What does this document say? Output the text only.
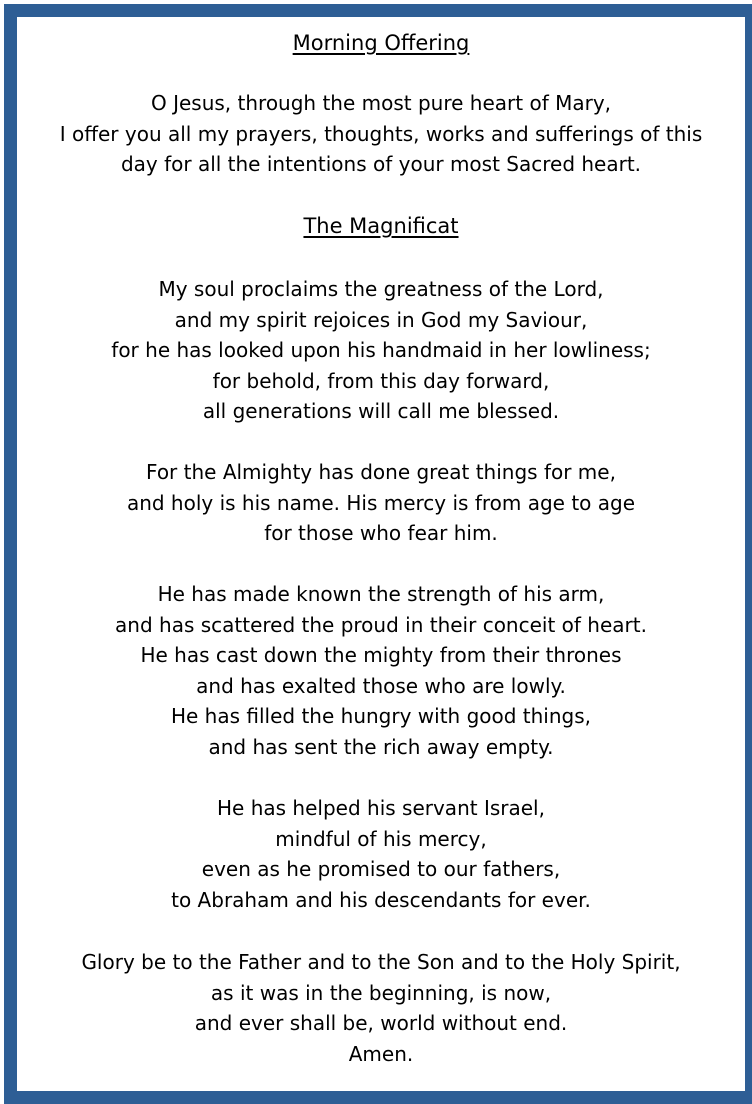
Morning Offering
O Jesus, through the most pure heart of Mary,
I offer you all my prayers, thoughts, works and sufferings of this
day for all the intentions of your most Sacred heart.
The Magnificat
My soul proclaims the greatness of the Lord,
and my spirit rejoices in God my Saviour,
for he has looked upon his handmaid in her lowliness;
for behold, from this day forward,
all generations will call me blessed.
For the Almighty has done great things for me,
and holy is his name. His mercy is from age to age
for those who fear him.
He has made known the strength of his arm,
and has scattered the proud in their conceit of heart.
He has cast down the mighty from their thrones
and has exalted those who are lowly.
He has filled the hungry with good things,
and has sent the rich away empty.
He has helped his servant Israel,
mindful of his mercy,
even as he promised to our fathers,
to Abraham and his descendants for ever.
Glory be to the Father and to the Son and to the Holy Spirit,
as it was in the beginning, is now,
and ever shall be, world without end.
Amen.
